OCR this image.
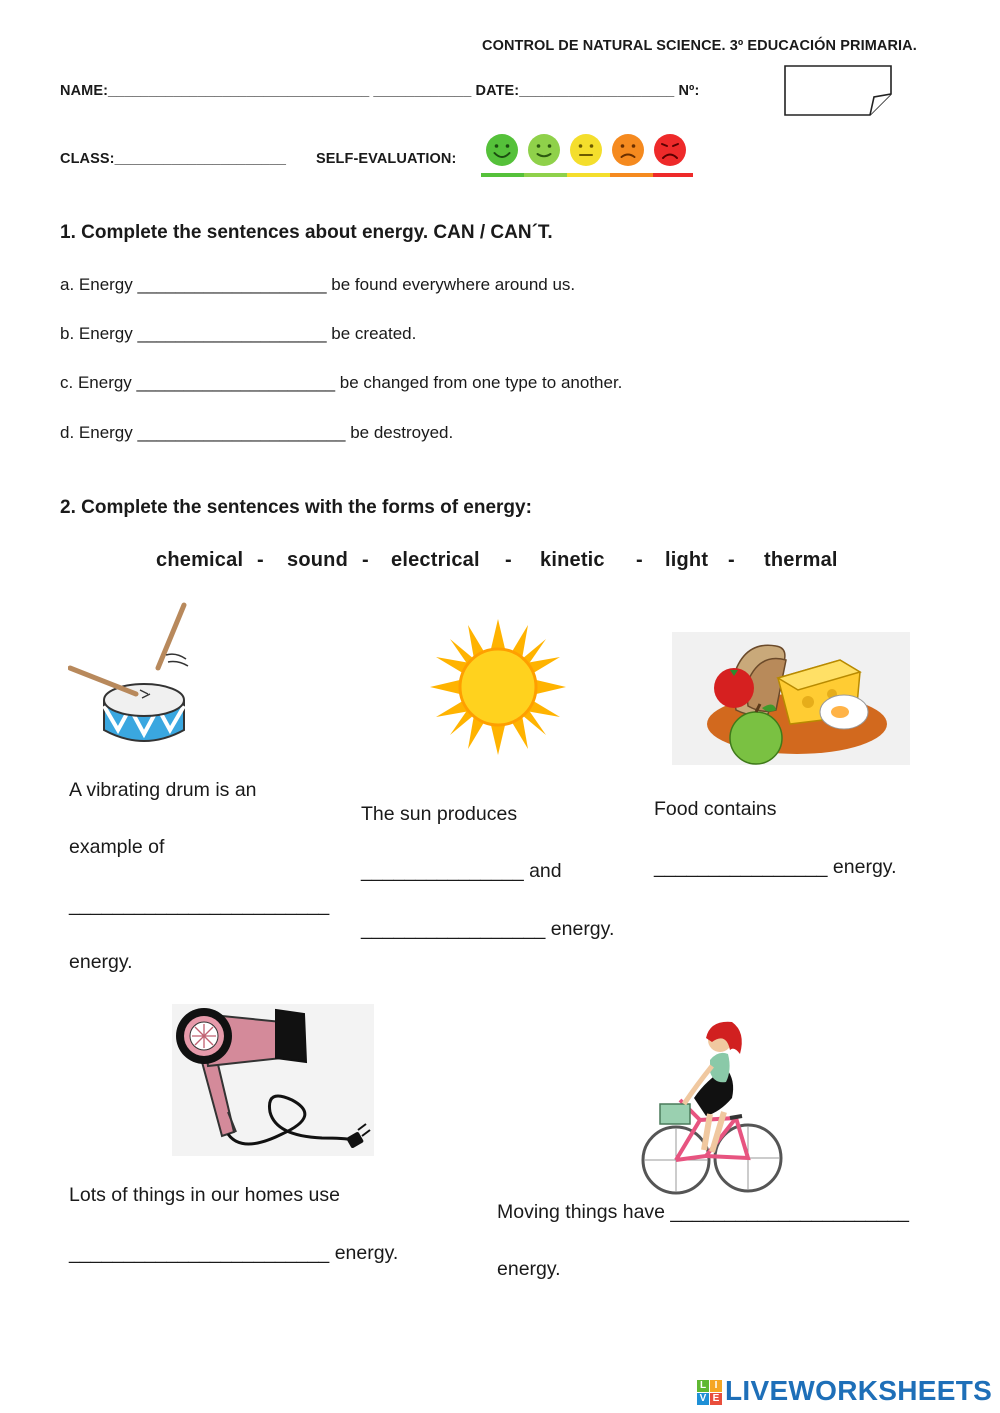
CONTROL DE NATURAL SCIENCE. 3º EDUCACIÓN PRIMARIA.
NAME:________________________________ ____________ DATE:___________________ Nº:
CLASS:_____________________ SELF-EVALUATION:
1. Complete the sentences about energy. CAN / CAN´T.
a. Energy ____________________ be found everywhere around us.
b. Energy ____________________ be created.
c. Energy _____________________ be changed from one type to another.
d. Energy ______________________ be destroyed.
2. Complete the sentences with the forms of energy:
chemical - sound - electrical - kinetic - light - thermal
A vibrating drum is an
example of
________________________
energy.
The sun produces
_______________ and
_________________ energy.
Food contains
________________ energy.
Lots of things in our homes use
________________________ energy.
Moving things have ______________________
energy.
L I
V E LIVEWORKSHEETS
